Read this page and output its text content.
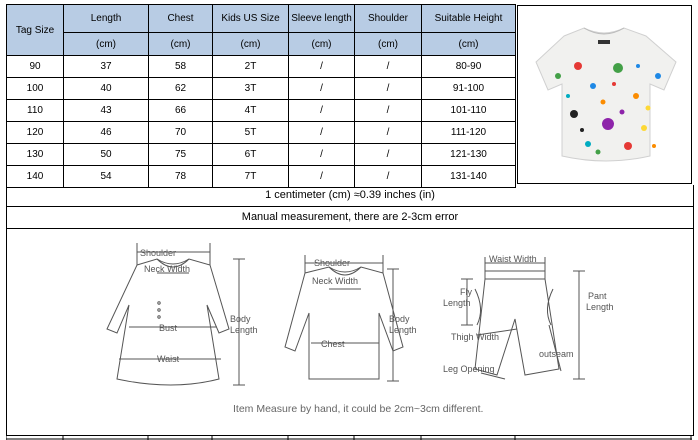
Tag Size	Length	Chest	Kids US Size	Sleeve length	Shoulder	Suitable Height
	(cm)	(cm)	(cm)	(cm)	(cm)	(cm)
90	37	58	2T	/	/	80-90
100	40	62	3T	/	/	91-100
110	43	66	4T	/	/	101-110
120	46	70	5T	/	/	111-120
130	50	75	6T	/	/	121-130
140	54	78	7T	/	/	131-140
1 centimeter (cm) ≈0.39 inches (in)
Manual measurement, there are 2-3cm error
Shoulder
Neck Width
Bust
Waist
Body
Length
Shoulder
Neck Width
Chest
Body
Length
Waist Width
Fly
Length
Pant
Length
Thigh Width
outseam
Leg Opening
Item Measure by hand, it could be 2cm~3cm different.
